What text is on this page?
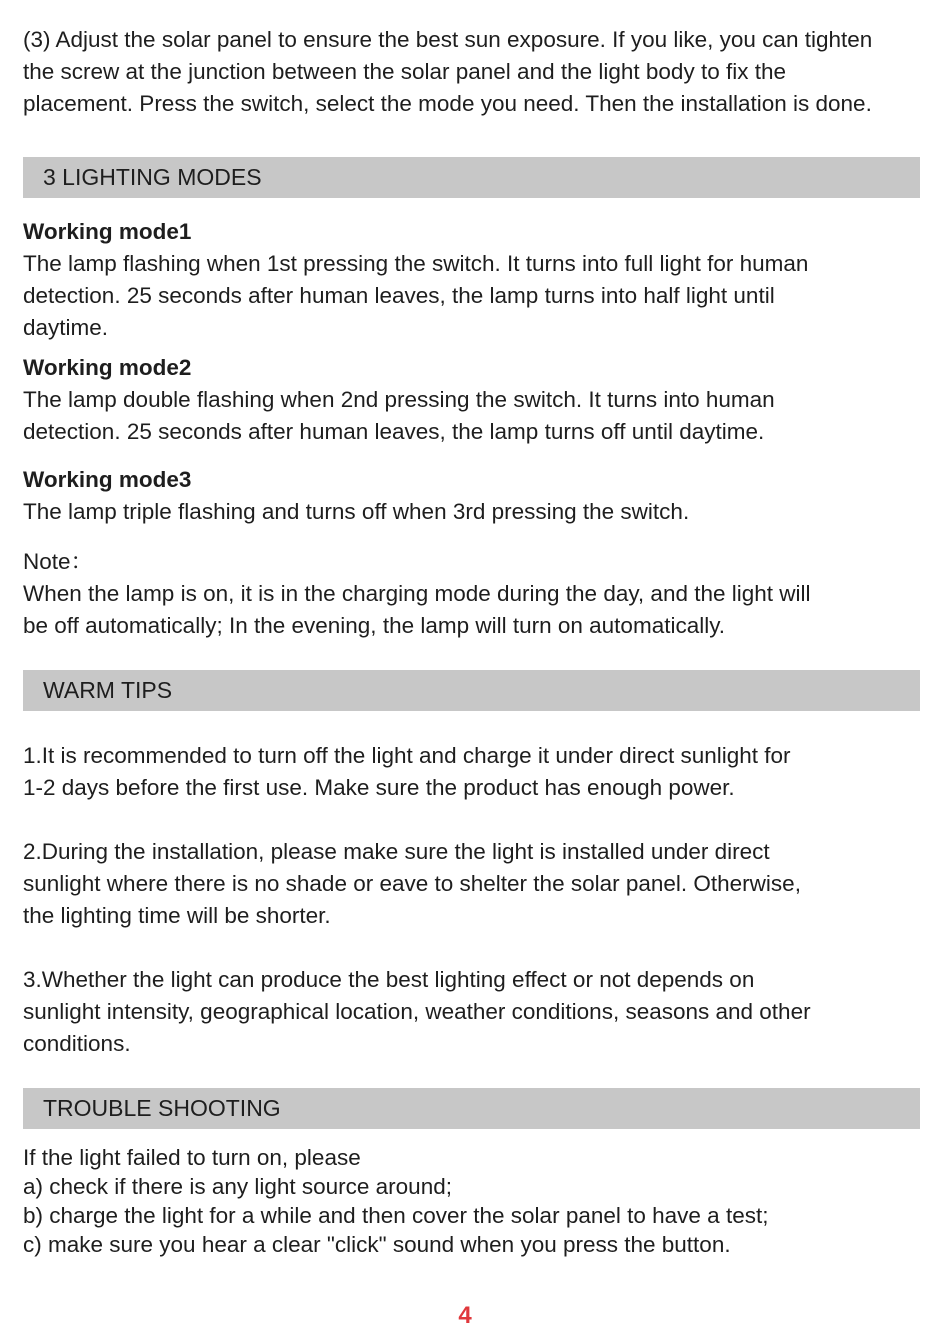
(3) Adjust the solar panel to ensure the best sun exposure. If you like, you can tighten
the screw at the junction between the solar panel and the light body to fix the
placement. Press the switch, select the mode you need. Then the installation is done.

3 LIGHTING MODES
Working mode1

The lamp flashing when 1st pressing the switch. It turns into full light for human
detection. 25 seconds after human leaves, the lamp turns into half light until
daytime.

Working mode2

The lamp double flashing when 2nd pressing the switch. It turns into human
detection. 25 seconds after human leaves, the lamp turns off until daytime.

Working mode3

The lamp triple flashing and turns off when 3rd pressing the switch.

Note：
When the lamp is on, it is in the charging mode during the day, and the light will
be off automatically; In the evening, the lamp will turn on automatically.

WARM TIPS

1.It is recommended to turn off the light and charge it under direct sunlight for
1-2 days before the first use. Make sure the product has enough power.

2.During the installation, please make sure the light is installed under direct
sunlight where there is no shade or eave to shelter the solar panel. Otherwise,
the lighting time will be shorter.

3.Whether the light can produce the best lighting effect or not depends on
sunlight intensity, geographical location, weather conditions, seasons and other
conditions.

TROUBLE SHOOTING

If the light failed to turn on, please
a) check if there is any light source around;
b) charge the light for a while and then cover the solar panel to have a test;
c) make sure you hear a clear "click" sound when you press the button.

4
